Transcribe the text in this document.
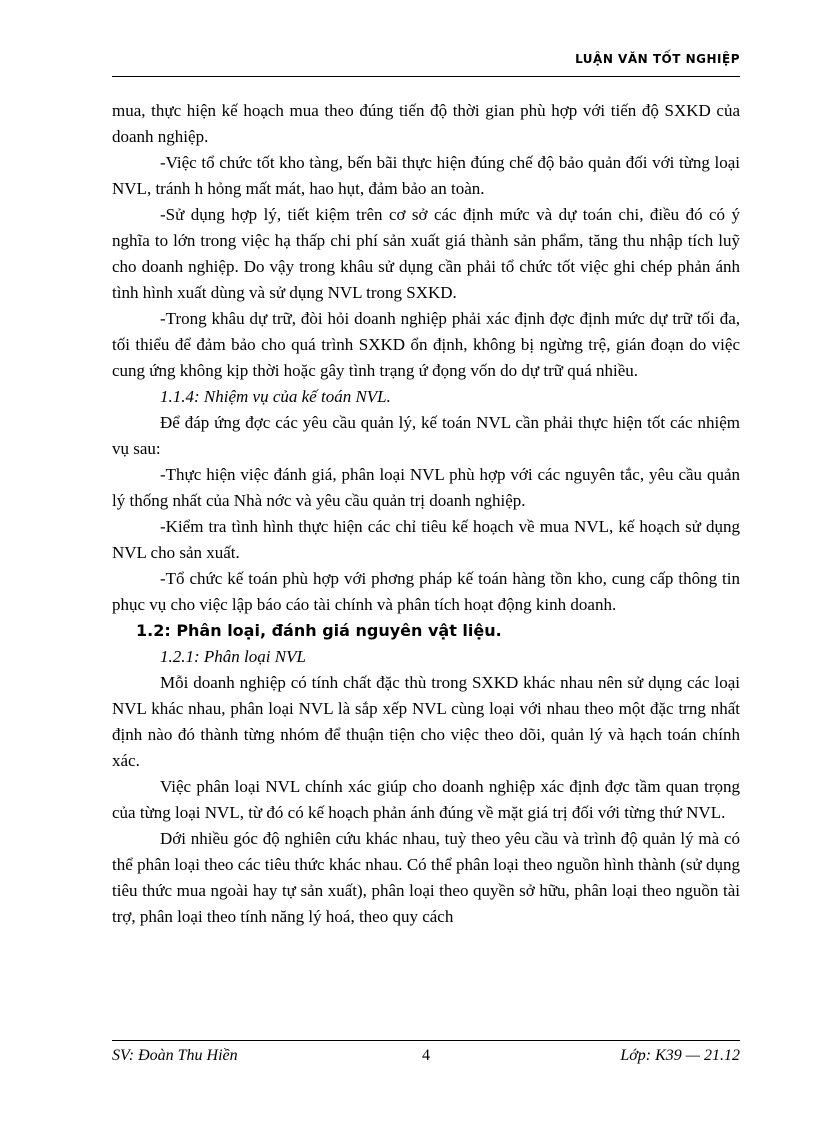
LUẬN VĂN TỐT NGHIỆP

mua, thực hiện kế hoạch mua theo đúng tiến độ thời gian phù hợp với tiến độ SXKD của doanh nghiệp.

-Việc tổ chức tốt kho tàng, bến bãi thực hiện đúng chế độ bảo quản đối với từng loại NVL, tránh h hỏng mất mát, hao hụt, đảm bảo an toàn.

-Sử dụng hợp lý, tiết kiệm trên cơ sở các định mức và dự toán chi, điều đó có ý nghĩa to lớn trong việc hạ thấp chi phí sản xuất giá thành sản phẩm, tăng thu nhập tích luỹ cho doanh nghiệp. Do vậy trong khâu sử dụng cần phải tổ chức tốt việc ghi chép phản ánh tình hình xuất dùng và sử dụng NVL trong SXKD.

-Trong khâu dự trữ, đòi hỏi doanh nghiệp phải xác định đợc định mức dự trữ tối đa, tối thiểu để đảm bảo cho quá trình SXKD ổn định, không bị ngừng trệ, gián đoạn do việc cung ứng không kịp thời hoặc gây tình trạng ứ đọng vốn do dự trữ quá nhiều.

1.1.4: Nhiệm vụ của kế toán NVL.

Để đáp ứng đợc các yêu cầu quản lý, kế toán NVL cần phải thực hiện tốt các nhiệm vụ sau:

-Thực hiện việc đánh giá, phân loại NVL phù hợp với các nguyên tắc, yêu cầu quản lý thống nhất của Nhà nớc và yêu cầu quản trị doanh nghiệp.

-Kiểm tra tình hình thực hiện các chỉ tiêu kế hoạch về mua NVL, kế hoạch sử dụng NVL cho sản xuất.

-Tổ chức kế toán phù hợp với phơng pháp kế toán hàng tồn kho, cung cấp thông tin phục vụ cho việc lập báo cáo tài chính và phân tích hoạt động kinh doanh.

1.2: Phân loại, đánh giá nguyên vật liệu.

1.2.1: Phân loại NVL

Mỗi doanh nghiệp có tính chất đặc thù trong SXKD khác nhau nên sử dụng các loại NVL khác nhau, phân loại NVL là sắp xếp NVL cùng loại với nhau theo một đặc trng nhất định nào đó thành từng nhóm để thuận tiện cho việc theo dõi, quản lý và hạch toán chính xác.

Việc phân loại NVL chính xác giúp cho doanh nghiệp xác định đợc tầm quan trọng của từng loại NVL, từ đó có kế hoạch phản ánh đúng về mặt giá trị đối với từng thứ NVL.

Dới nhiều góc độ nghiên cứu khác nhau, tuỳ theo yêu cầu và trình độ quản lý mà có thể phân loại theo các tiêu thức khác nhau. Có thể phân loại theo nguồn hình thành (sử dụng tiêu thức mua ngoài hay tự sản xuất), phân loại theo quyền sở hữu, phân loại theo nguồn tài trợ, phân loại theo tính năng lý hoá, theo quy cách

SV: Đoàn Thu Hiền	4	Lớp: K39 — 21.12
